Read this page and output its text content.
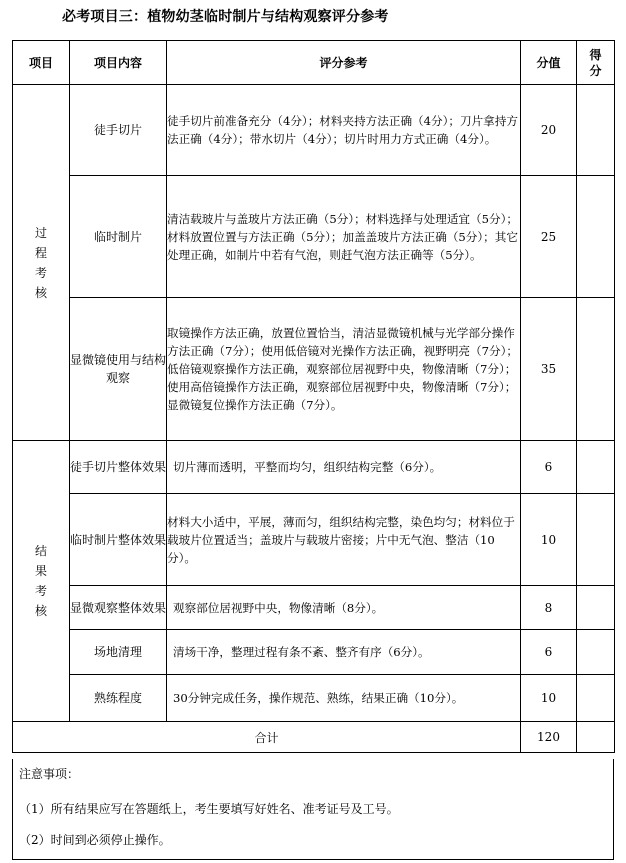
必考项目三：植物幼茎临时制片与结构观察评分参考
项目	项目内容	评分参考	分值	得分

过程考核	徒手切片	徒手切片前准备充分（4分）；材料夹持方法正确（4分）；刀片拿持方法正确（4分）；带水切片（4分）；切片时用力方式正确（4分）。	20	
	临时制片	清洁载玻片与盖玻片方法正确（5分）；材料选择与处理适宜（5分）；材料放置位置与方法正确（5分）；加盖盖玻片方法正确（5分）；其它处理正确，如制片中若有气泡，则赶气泡方法正确等（5分）。	25	
	显微镜使用与结构观察	取镜操作方法正确，放置位置恰当，清洁显微镜机械与光学部分操作方法正确（7分）；使用低倍镜对光操作方法正确，视野明亮（7分）；低倍镜观察操作方法正确，观察部位居视野中央，物像清晰（7分）；使用高倍镜操作方法正确，观察部位居视野中央，物像清晰（7分）；显微镜复位操作方法正确（7分）。	35	

结果考核	徒手切片整体效果	切片薄而透明，平整而均匀，组织结构完整（6分）。	6	
	临时制片整体效果	材料大小适中，平展，薄而匀，组织结构完整，染色均匀；材料位于载玻片位置适当；盖玻片与载玻片密接；片中无气泡、整洁（10分）。	10	
	显微观察整体效果	观察部位居视野中央，物像清晰（8分）。	8	
	场地清理	清场干净，整理过程有条不紊、整齐有序（6分）。	6	
	熟练程度	30分钟完成任务，操作规范、熟练，结果正确（10分）。	10	
合计			120	
注意事项：
（1）所有结果应写在答题纸上，考生要填写好姓名、准考证号及工号。
（2）时间到必须停止操作。
